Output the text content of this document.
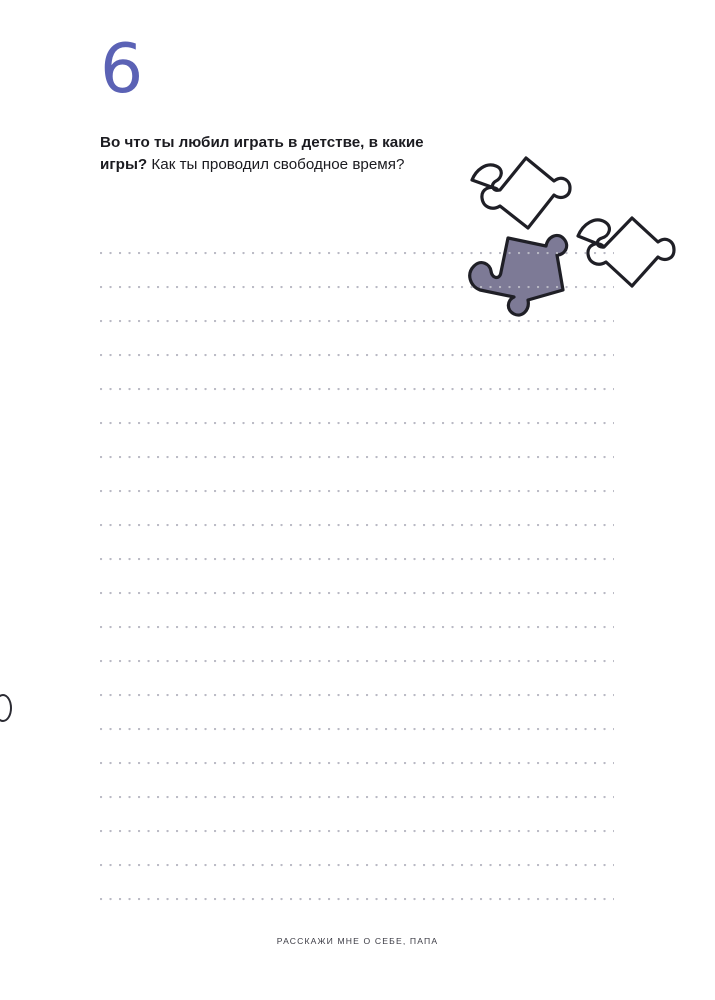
6
Во что ты любил играть в детстве, в какие игры? Как ты проводил свободное время?
РАССКАЖИ МНЕ О СЕБЕ, ПАПА
